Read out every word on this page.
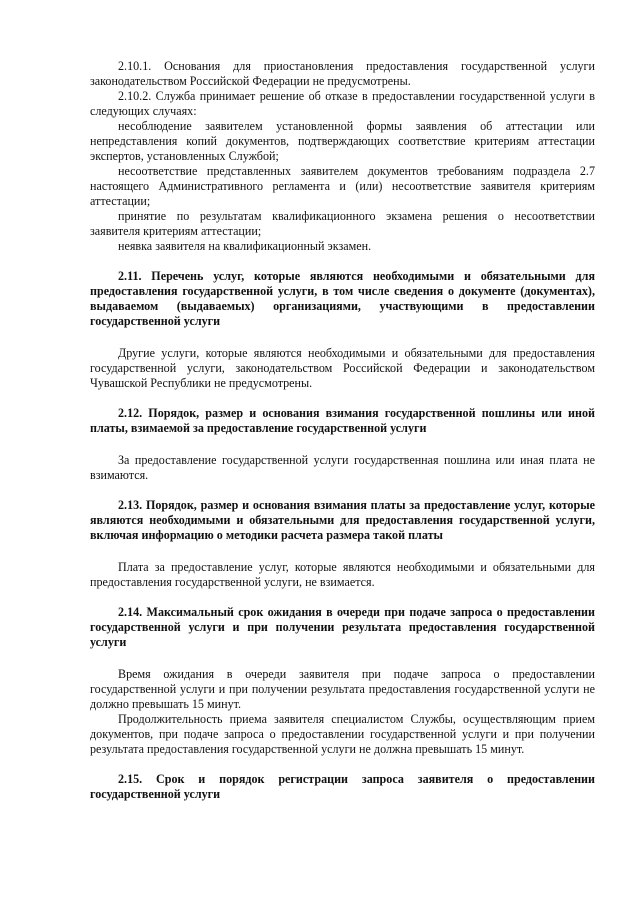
2.10.1. Основания для приостановления предоставления государственной услуги законодательством Российской Федерации не предусмотрены.

2.10.2. Служба принимает решение об отказе в предоставлении государственной услуги в следующих случаях:

несоблюдение заявителем установленной формы заявления об аттестации или непредставления копий документов, подтверждающих соответствие критериям аттестации экспертов, установленных Службой;

несоответствие представленных заявителем документов требованиям подраздела 2.7 настоящего Административного регламента и (или) несоответствие заявителя критериям аттестации;

принятие по результатам квалификационного экзамена решения о несоответствии заявителя критериям аттестации;

неявка заявителя на квалификационный экзамен.

2.11. Перечень услуг, которые являются необходимыми и обязательными для предоставления государственной услуги, в том числе сведения о документе (документах), выдаваемом (выдаваемых) организациями, участвующими в предоставлении государственной услуги

Другие услуги, которые являются необходимыми и обязательными для предоставления государственной услуги, законодательством Российской Федерации и законодательством Чувашской Республики не предусмотрены.

2.12. Порядок, размер и основания взимания государственной пошлины или иной платы, взимаемой за предоставление государственной услуги

За предоставление государственной услуги государственная пошлина или иная плата не взимаются.

2.13. Порядок, размер и основания взимания платы за предоставление услуг, которые являются необходимыми и обязательными для предоставления государственной услуги, включая информацию о методики расчета размера такой платы

Плата за предоставление услуг, которые являются необходимыми и обязательными для предоставления государственной услуги, не взимается.

2.14. Максимальный срок ожидания в очереди при подаче запроса о предоставлении государственной услуги и при получении результата предоставления государственной услуги

Время ожидания в очереди заявителя при подаче запроса о предоставлении государственной услуги и при получении результата предоставления государственной услуги не должно превышать 15 минут.

Продолжительность приема заявителя специалистом Службы, осуществляющим прием документов, при подаче запроса о предоставлении государственной услуги и при получении результата предоставления государственной услуги не должна превышать 15 минут.

2.15. Срок и порядок регистрации запроса заявителя о предоставлении государственной услуги
